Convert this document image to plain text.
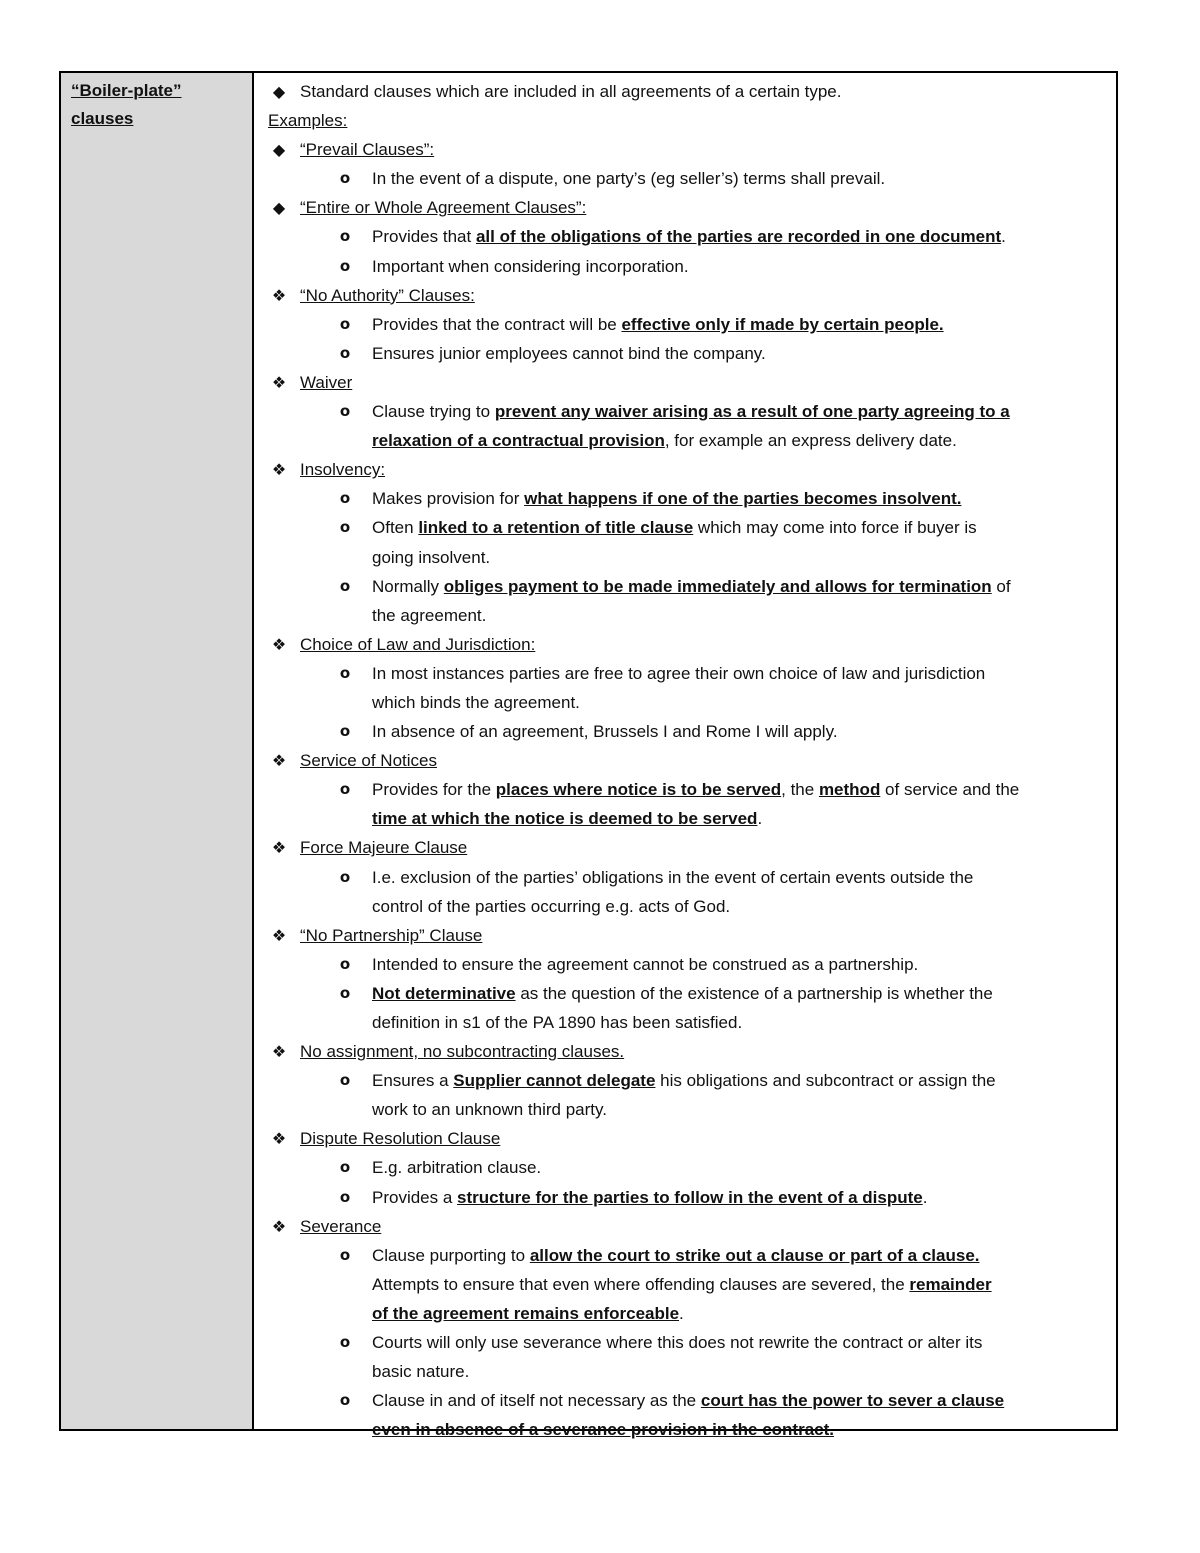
“Boiler-plate”
clauses
◆ Standard clauses which are included in all agreements of a certain type.
Examples:
◆ “Prevail Clauses”:
o	In the event of a dispute, one party’s (eg seller’s) terms shall prevail.
◆ “Entire or Whole Agreement Clauses”:
o	Provides that all of the obligations of the parties are recorded in one document.
o	Important when considering incorporation.
❖ “No Authority” Clauses:
o	Provides that the contract will be effective only if made by certain people.
o	Ensures junior employees cannot bind the company.
❖ Waiver
o	Clause trying to prevent any waiver arising as a result of one party agreeing to a
relaxation of a contractual provision, for example an express delivery date.
❖ Insolvency:
o	Makes provision for what happens if one of the parties becomes insolvent.
o	Often linked to a retention of title clause which may come into force if buyer is
going insolvent.
o	Normally obliges payment to be made immediately and allows for termination of
the agreement.
❖ Choice of Law and Jurisdiction:
o	In most instances parties are free to agree their own choice of law and jurisdiction
which binds the agreement.
o	In absence of an agreement, Brussels I and Rome I will apply.
❖ Service of Notices
o	Provides for the places where notice is to be served, the method of service and the
time at which the notice is deemed to be served.
❖ Force Majeure Clause
o	I.e. exclusion of the parties’ obligations in the event of certain events outside the
control of the parties occurring e.g. acts of God.
❖ “No Partnership” Clause
o	Intended to ensure the agreement cannot be construed as a partnership.
o	Not determinative as the question of the existence of a partnership is whether the
definition in s1 of the PA 1890 has been satisfied.
❖ No assignment, no subcontracting clauses.
o	Ensures a Supplier cannot delegate his obligations and subcontract or assign the
work to an unknown third party.
❖ Dispute Resolution Clause
o	E.g. arbitration clause.
o	Provides a structure for the parties to follow in the event of a dispute.
❖ Severance
o	Clause purporting to allow the court to strike out a clause or part of a clause.
Attempts to ensure that even where offending clauses are severed, the remainder
of the agreement remains enforceable.
o	Courts will only use severance where this does not rewrite the contract or alter its
basic nature.
o	Clause in and of itself not necessary as the court has the power to sever a clause
even in absence of a severance provision in the contract.
